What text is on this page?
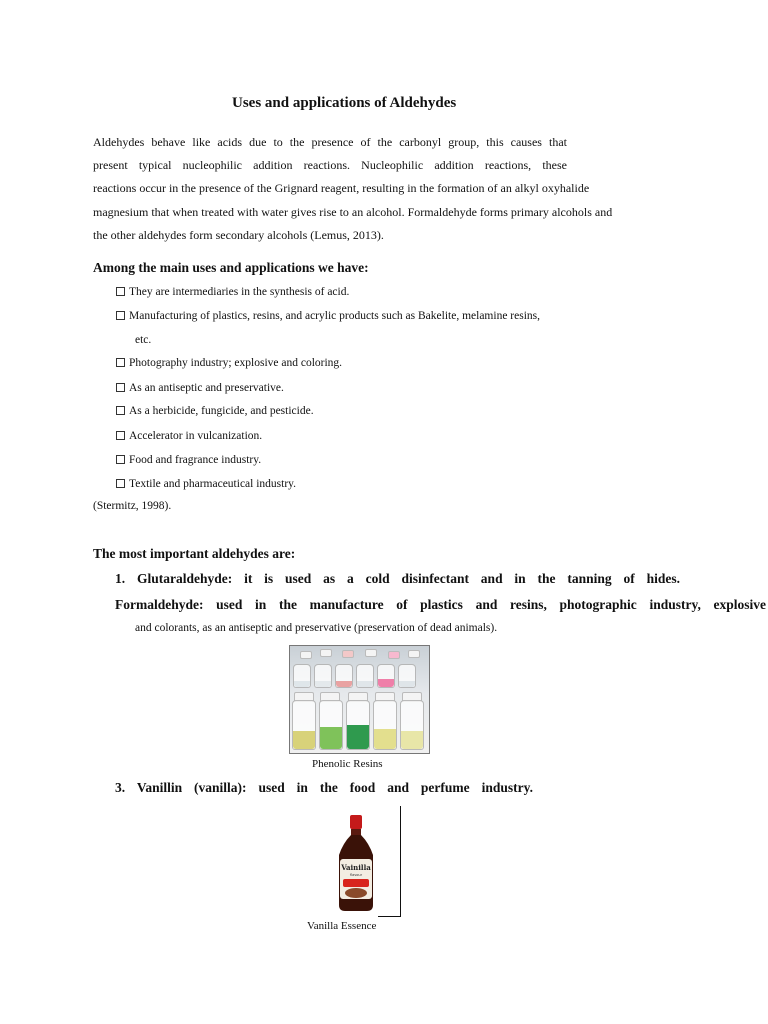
Uses and applications of Aldehydes
Aldehydes behave like acids due to the presence of the carbonyl group, this causes that
present typical nucleophilic addition reactions. Nucleophilic addition reactions, these
reactions occur in the presence of the Grignard reagent, resulting in the formation of an alkyl oxyhalide
magnesium that when treated with water gives rise to an alcohol. Formaldehyde forms primary alcohols and
the other aldehydes form secondary alcohols (Lemus, 2013).
Among the main uses and applications we have:
They are intermediaries in the synthesis of acid.
Manufacturing of plastics, resins, and acrylic products such as Bakelite, melamine resins,
etc.
Photography industry; explosive and coloring.
As an antiseptic and preservative.
As a herbicide, fungicide, and pesticide.
Accelerator in vulcanization.
Food and fragrance industry.
Textile and pharmaceutical industry.
(Stermitz, 1998).
The most important aldehydes are:
1. Glutaraldehyde: it is used as a cold disinfectant and in the tanning of hides.
Formaldehyde: used in the manufacture of plastics and resins, photographic industry, explosive
and colorants, as an antiseptic and preservative (preservation of dead animals).
Phenolic Resins
3. Vanillin (vanilla): used in the food and perfume industry.
Vainilla
flavour
Vanilla Essence
